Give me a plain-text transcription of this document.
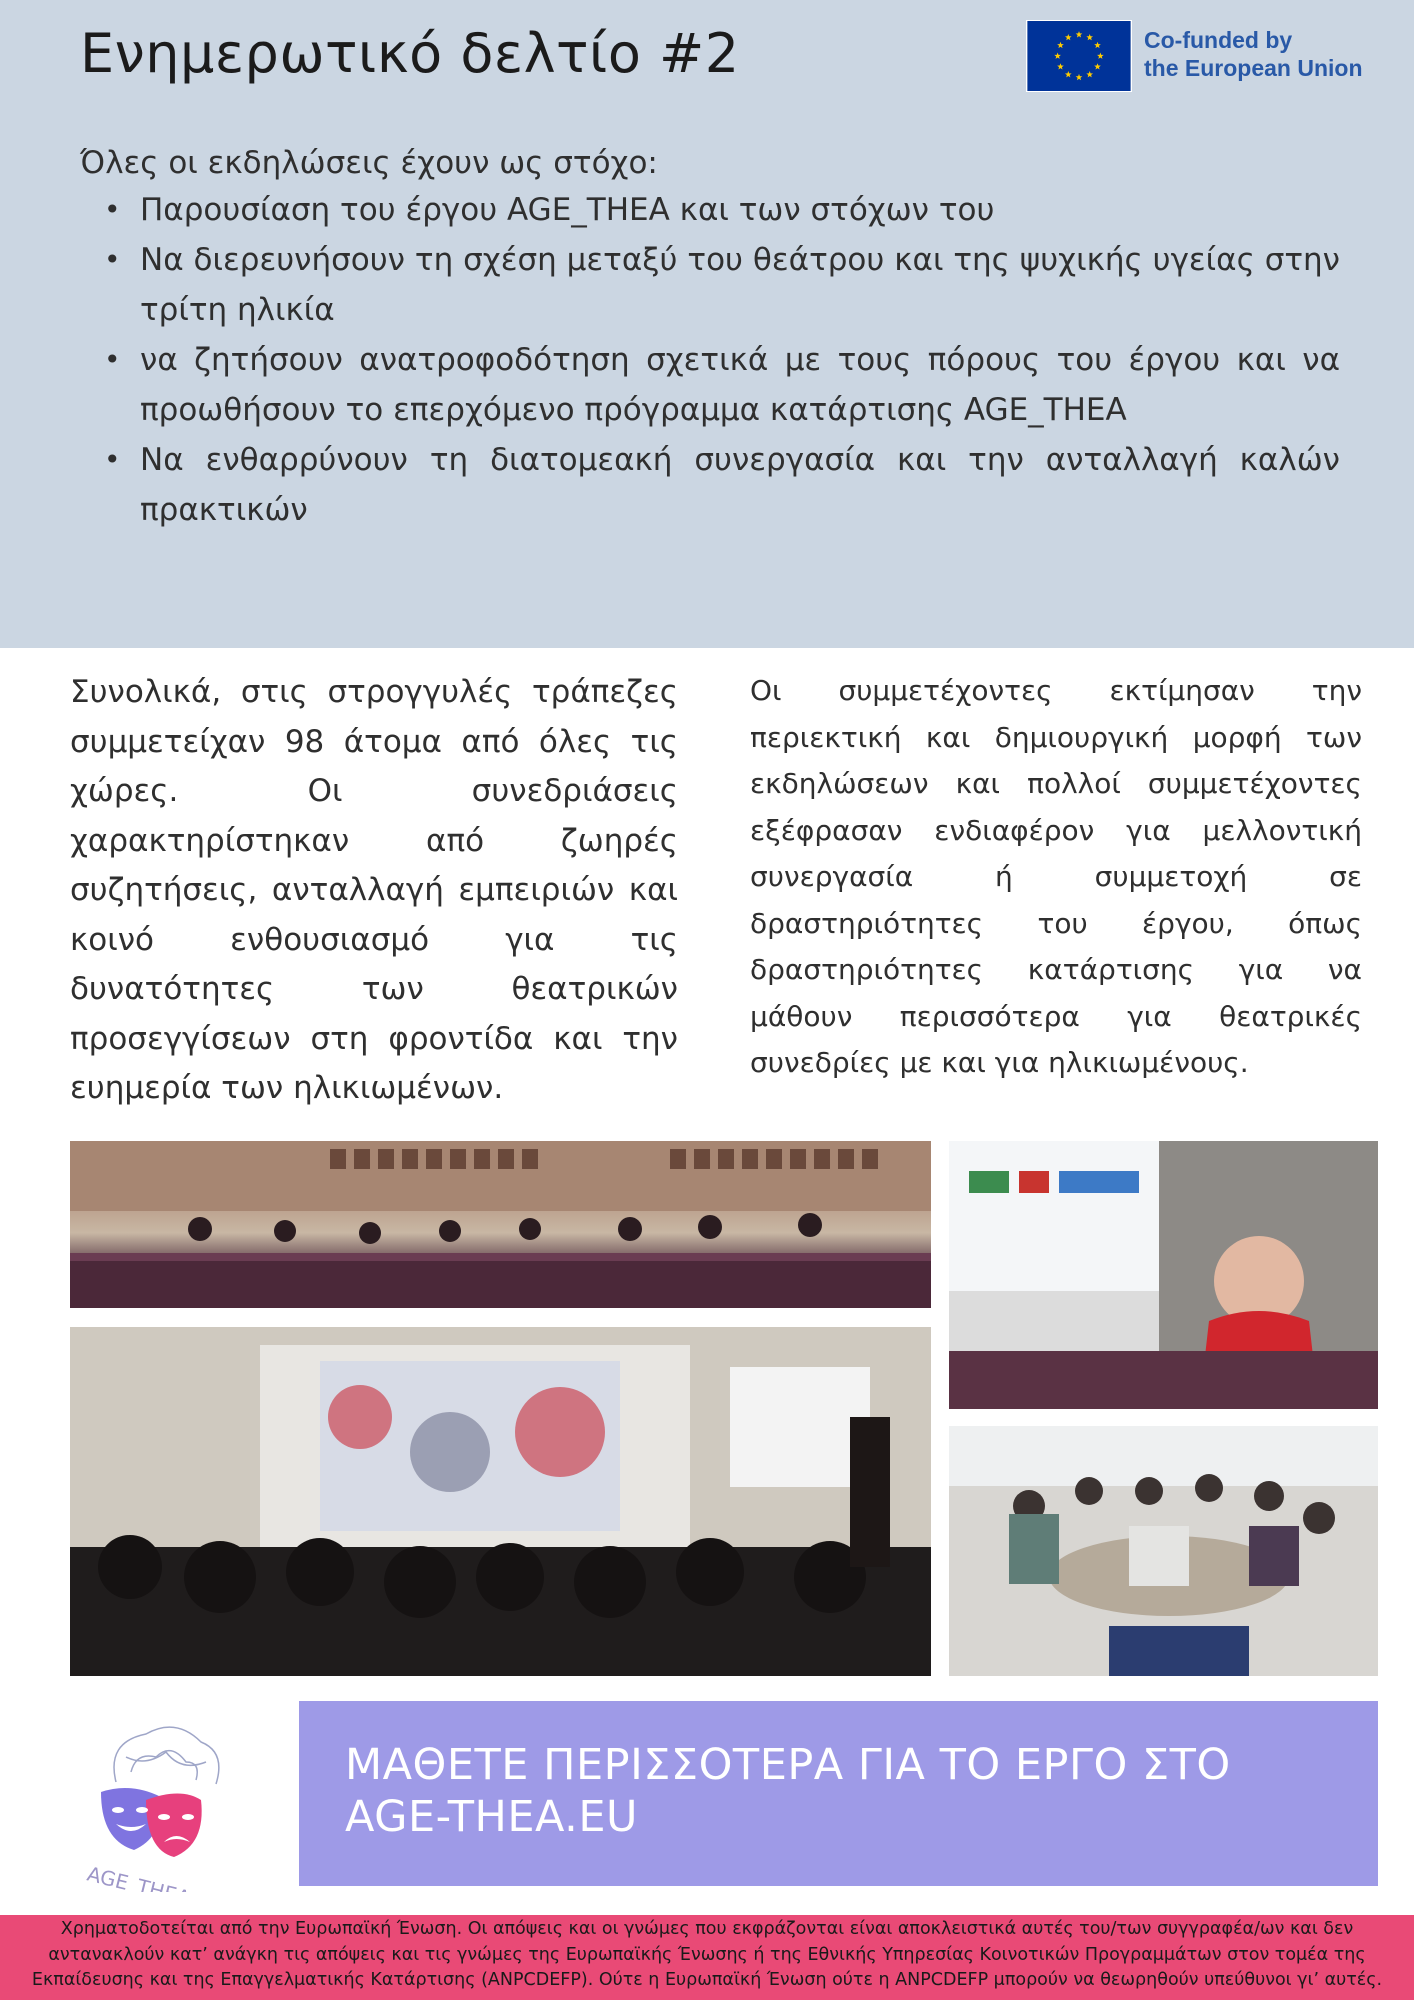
Ενημερωτικό δελτίο #2	Co-funded by
the European Union
Όλες οι εκδηλώσεις έχουν ως στόχο:
• Παρουσίαση του έργου AGE_THEA και των στόχων του
• Να διερευνήσουν τη σχέση μεταξύ του θεάτρου και της ψυχικής υγείας στην τρίτη ηλικία
• να ζητήσουν ανατροφοδότηση σχετικά με τους πόρους του έργου και να προωθήσουν το επερχόμενο πρόγραμμα κατάρτισης AGE_THEA
• Να ενθαρρύνουν τη διατομεακή συνεργασία και την ανταλλαγή καλών πρακτικών
Συνολικά, στις στρογγυλές τράπεζες συμμετείχαν 98 άτομα από όλες τις χώρες. Οι συνεδριάσεις χαρακτηρίστηκαν από ζωηρές συζητήσεις, ανταλλαγή εμπειριών και κοινό ενθουσιασμό για τις δυνατότητες των θεατρικών προσεγγίσεων στη φροντίδα και την ευημερία των ηλικιωμένων.
Οι συμμετέχοντες εκτίμησαν την περιεκτική και δημιουργική μορφή των εκδηλώσεων και πολλοί συμμετέχοντες εξέφρασαν ενδιαφέρον για μελλοντική συνεργασία ή συμμετοχή σε δραστηριότητες του έργου, όπως δραστηριότητες κατάρτισης για να μάθουν περισσότερα για θεατρικές συνεδρίες με και για ηλικιωμένους.
AGE_THEA
ΜΑΘΕΤΕ ΠΕΡΙΣΣΟΤΕΡΑ ΓΙΑ ΤΟ ΕΡΓΟ ΣΤΟ AGE-THEA.EU
Χρηματοδοτείται από την Ευρωπαϊκή Ένωση. Οι απόψεις και οι γνώμες που εκφράζονται είναι αποκλειστικά αυτές του/των συγγραφέα/ων και δεν αντανακλούν κατ’ ανάγκη τις απόψεις και τις γνώμες της Ευρωπαϊκής Ένωσης ή της Εθνικής Υπηρεσίας Κοινοτικών Προγραμμάτων στον τομέα της Εκπαίδευσης και της Επαγγελματικής Κατάρτισης (ANPCDEFP). Ούτε η Ευρωπαϊκή Ένωση ούτε η ANPCDEFP μπορούν να θεωρηθούν υπεύθυνοι γι’ αυτές.
